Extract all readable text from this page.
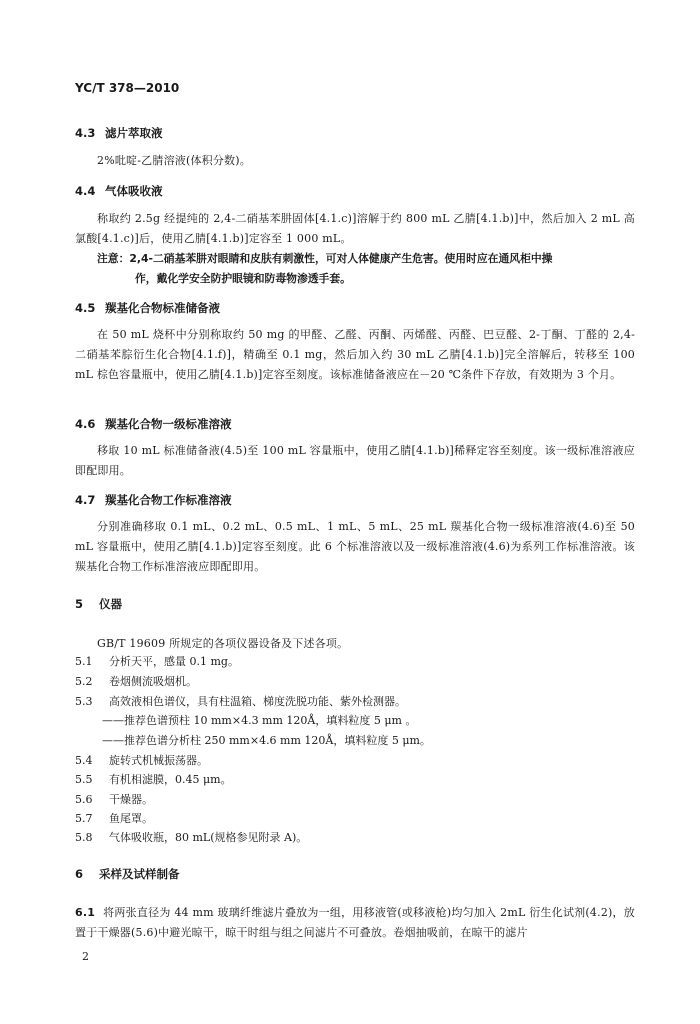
YC/T 378—2010
4.3 滤片萃取液
2%吡啶-乙腈溶液(体积分数)。
4.4 气体吸收液
称取约 2.5g 经提纯的 2,4-二硝基苯肼固体[4.1.c)]溶解于约 800 mL 乙腈[4.1.b)]中，然后加入 2 mL 高氯酸[4.1.c)]后，使用乙腈[4.1.b)]定容至 1 000 mL。
注意：2,4-二硝基苯肼对眼睛和皮肤有刺激性，可对人体健康产生危害。使用时应在通风柜中操
作，戴化学安全防护眼镜和防毒物渗透手套。
4.5 羰基化合物标准储备液
在 50 mL 烧杯中分别称取约 50 mg 的甲醛、乙醛、丙酮、丙烯醛、丙醛、巴豆醛、2-丁酮、丁醛的 2,4-二硝基苯腙衍生化合物[4.1.f)]，精确至 0.1 mg，然后加入约 30 mL 乙腈[4.1.b)]完全溶解后，转移至 100 mL 棕色容量瓶中，使用乙腈[4.1.b)]定容至刻度。该标准储备液应在－20 ℃条件下存放，有效期为 3 个月。
4.6 羰基化合物一级标准溶液
移取 10 mL 标准储备液(4.5)至 100 mL 容量瓶中，使用乙腈[4.1.b)]稀释定容至刻度。该一级标准溶液应即配即用。
4.7 羰基化合物工作标准溶液
分别准确移取 0.1 mL、0.2 mL、0.5 mL、1 mL、5 mL、25 mL 羰基化合物一级标准溶液(4.6)至 50 mL 容量瓶中，使用乙腈[4.1.b)]定容至刻度。此 6 个标准溶液以及一级标准溶液(4.6)为系列工作标准溶液。该羰基化合物工作标准溶液应即配即用。
5 仪器
GB/T 19609 所规定的各项仪器设备及下述各项。
5.1 分析天平，感量 0.1 mg。
5.2 卷烟侧流吸烟机。
5.3 高效液相色谱仪，具有柱温箱、梯度洗脱功能、紫外检测器。
——推荐色谱预柱 10 mm×4.3 mm 120Å，填料粒度 5 μm 。
——推荐色谱分析柱 250 mm×4.6 mm 120Å，填料粒度 5 μm。
5.4 旋转式机械振荡器。
5.5 有机相滤膜，0.45 μm。
5.6 干燥器。
5.7 鱼尾罩。
5.8 气体吸收瓶，80 mL(规格参见附录 A)。
6 采样及试样制备
6.1 将两张直径为 44 mm 玻璃纤维滤片叠放为一组，用移液管(或移液枪)均匀加入 2mL 衍生化试剂(4.2)，放置于干燥器(5.6)中避光晾干，晾干时组与组之间滤片不可叠放。卷烟抽吸前，在晾干的滤片
2
